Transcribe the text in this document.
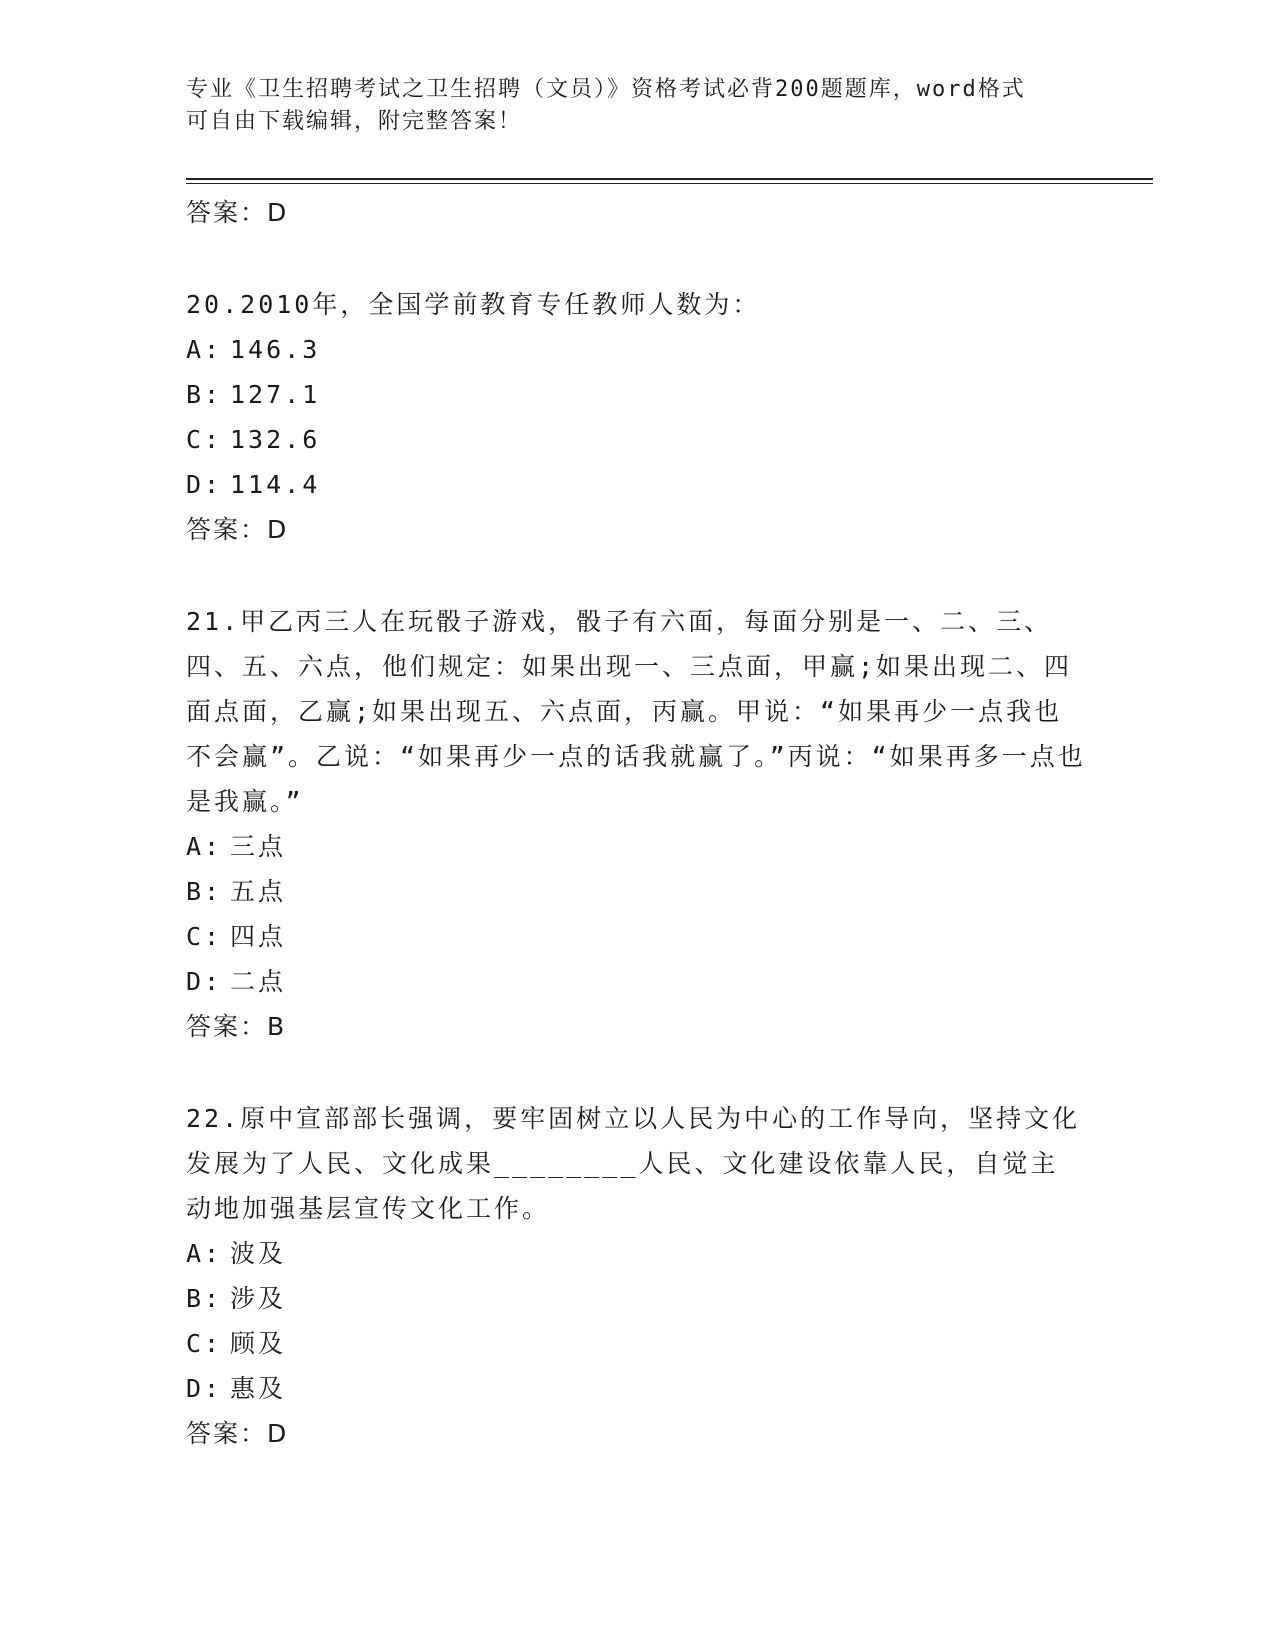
专业《卫生招聘考试之卫生招聘（文员）》资格考试必背200题题库，word格式
可自由下载编辑，附完整答案！
答案：D
20.2010年，全国学前教育专任教师人数为：
A: 146.3
B: 127.1
C: 132.6
D: 114.4
答案：D
21.甲乙丙三人在玩骰子游戏，骰子有六面，每面分别是一、二、三、四、五、六点，他们规定：如果出现一、三点面，甲赢;如果出现二、四面点面，乙赢;如果出现五、六点面，丙赢。甲说：“如果再少一点我也不会赢”。乙说：“如果再少一点的话我就赢了。”丙说：“如果再多一点也是我赢。”
A: 三点
B: 五点
C: 四点
D: 二点
答案：B
22.原中宣部部长强调，要牢固树立以人民为中心的工作导向，坚持文化发展为了人民、文化成果________人民、文化建设依靠人民，自觉主动地加强基层宣传文化工作。
A: 波及
B: 涉及
C: 顾及
D: 惠及
答案：D
